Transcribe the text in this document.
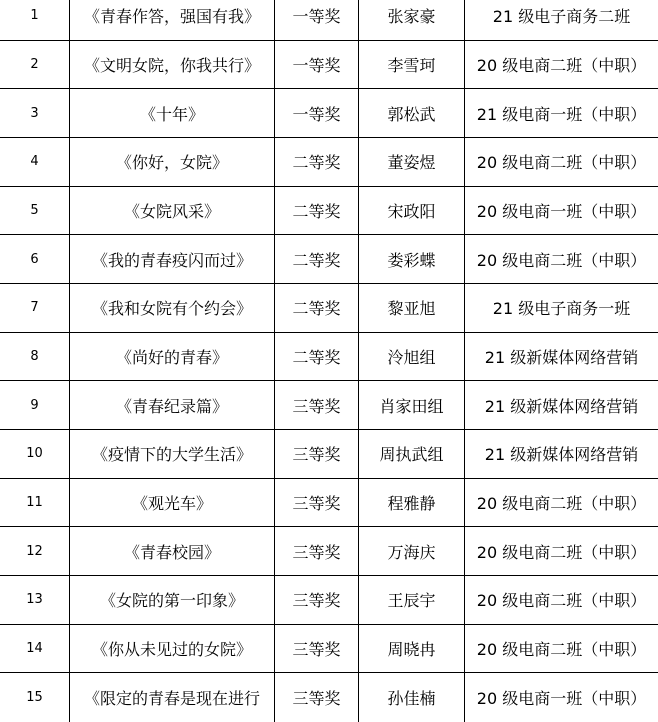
1	《青春作答，强国有我》	一等奖	张家豪	21 级电子商务二班
2	《文明女院，你我共行》	一等奖	李雪珂	20 级电商二班（中职）
3	《十年》	一等奖	郭松武	21 级电商一班（中职）
4	《你好，女院》	二等奖	董姿煜	20 级电商二班（中职）
5	《女院风采》	二等奖	宋政阳	20 级电商一班（中职）
6	《我的青春疫闪而过》	二等奖	娄彩蝶	20 级电商二班（中职）
7	《我和女院有个约会》	二等奖	黎亚旭	21 级电子商务一班
8	《尚好的青春》	二等奖	泠旭组	21 级新媒体网络营销
9	《青春纪录篇》	三等奖	肖家田组	21 级新媒体网络营销
10	《疫情下的大学生活》	三等奖	周执武组	21 级新媒体网络营销
11	《观光车》	三等奖	程雅静	20 级电商二班（中职）
12	《青春校园》	三等奖	万海庆	20 级电商二班（中职）
13	《女院的第一印象》	三等奖	王辰宇	20 级电商二班（中职）
14	《你从未见过的女院》	三等奖	周晓冉	20 级电商二班（中职）
15	《限定的青春是现在进行	三等奖	孙佳楠	20 级电商一班（中职）
